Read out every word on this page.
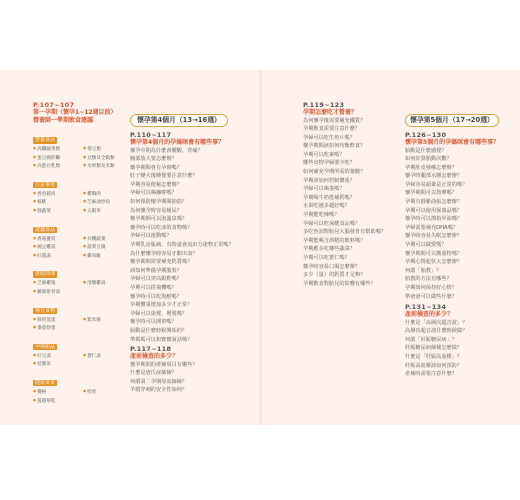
P.107~107
第一孕期（懷孕1~12週以前）
營養師一學期飲食建議
營養食品
● 高纖蔬果類	● 菜豆類
● 蛋豆腐肝臟	● 豆類及全穀類
● 高蛋白乳類	● 水果類及米類
注意事項
● 香煎豬肉	● 雞胸肉
● 核桃	● 芝麻油炒魚
● 鮮蔬菜	● 五穀米
建議食品
● 香菇蘆筍	● 有機蔬菜
● 豌豆雞湯	● 菠菜豆腐
● 紅棗湯	● 雞肉飯
推薦料理
● 芝麻雞塊	● 清燉雞湯
● 蘿蔔排骨湯
補充食物
● 鮮奶蒸蛋	● 紫米粥
● 番茄炒蛋
孕期甜品
● 紅豆湯	● 薏仁湯
● 桂圓茶
健康零食
● 優格	● 堅果
● 蔓越莓乾
懷孕第4個月（13→16週）
P.110~117
懷孕第4個月的孕媽咪會有哪些事？
懷孕中期為什麼會腰酸、背痛？
胸部放大要怎麼辦？
懷孕期間會有孕斑嗎？
肚子變大後睡覺要注意什麼？
孕期容易便秘怎麼辦？
孕婦可以喝咖啡嗎？
如何預防懷孕期間抽筋？
為何懷孕時容易頻尿？
懷孕期間可以泡溫泉嗎？
懷孕時可以吃冰的食物嗎？
孕婦可以運動嗎？
孕期乳房脹痛、有時還會流出分泌物正常嗎？
為什麼懷孕時容易牙齦出血？
懷孕期間需要補充鈣質嗎？
該如何準備孕期服裝？
孕婦可以穿高跟鞋嗎？
孕期可以搭飛機嗎？
懷孕時可以吃海鮮嗎？
孕期體重增加多少才正常？
孕婦可以染髮、燙髮嗎？
懷孕時可以開車嗎？
胎動是什麼時候開始的？
準媽媽可以和寶寶說話嗎？
P.117~118
產前檢查的多少？
懷孕期間的產檢項目有哪些？
什麼是唐氏症篩檢？
何謂第二孕期母血篩檢？
羊膜穿刺的安全性如何？
P.119~123
孕期怎麼吃才營養？
為何懷孕後需要補充鐵質？
孕期飲食需要注意什麼？
孕婦可以吃生魚片嗎？
懷孕期間該如何均衡飲食？
孕期可以吃素嗎？
哪些食物孕婦要少吃？
如何補充孕期所需的葉酸？
孕期該如何控制體重？
孕婦可以喝茶嗎？
孕期喝牛奶能補鈣嗎？
水果吃越多越好嗎？
孕期能吃辣嗎？
孕婦可以吃保健食品嗎？
多吃魚油對胎兒大腦發育有幫助嗎？
孕期能喝含酒精的飲料嗎？
孕期應多吃哪些蔬菜？
孕期可以吃薏仁嗎？
懷孕時容易口渴怎麼辦？
多少（量）的鈣質才足夠？
孕期飲食對胎兒的影響有哪些？
懷孕第5個月（17→20週）
P.126~130
懷孕第5個月的孕媽咪會有哪些事？
胎動是什麼感覺？
如何計算胎動次數？
孕期肚皮發癢怎麼辦？
懷孕時腿部水腫怎麼辦？
孕婦容易頭暈是正常的嗎？
懷孕期間可以按摩嗎？
孕期有靜脈曲張怎麼辦？
孕期可以使用保養品嗎？
懷孕時可以擦指甲油嗎？
孕婦需要補充DHA嗎？
懷孕時容易失眠怎麼辦？
孕期可以做愛嗎？
懷孕期間可以搬重物嗎？
孕期心情起伏大怎麼辦？
何謂「胎教」？
胎教的方法有哪些？
孕期如何保持好心情？
準爸爸可以做些什麼？
P.131~134
產前檢查的多少？
什麼是「高層次超音波」？
高層次超音波什麼時候做？
何謂「妊娠糖尿病」？
妊娠糖尿病篩檢怎麼做？
什麼是「妊娠高血壓」？
妊娠高血壓該如何預防？
產檢時需要注意什麼？
